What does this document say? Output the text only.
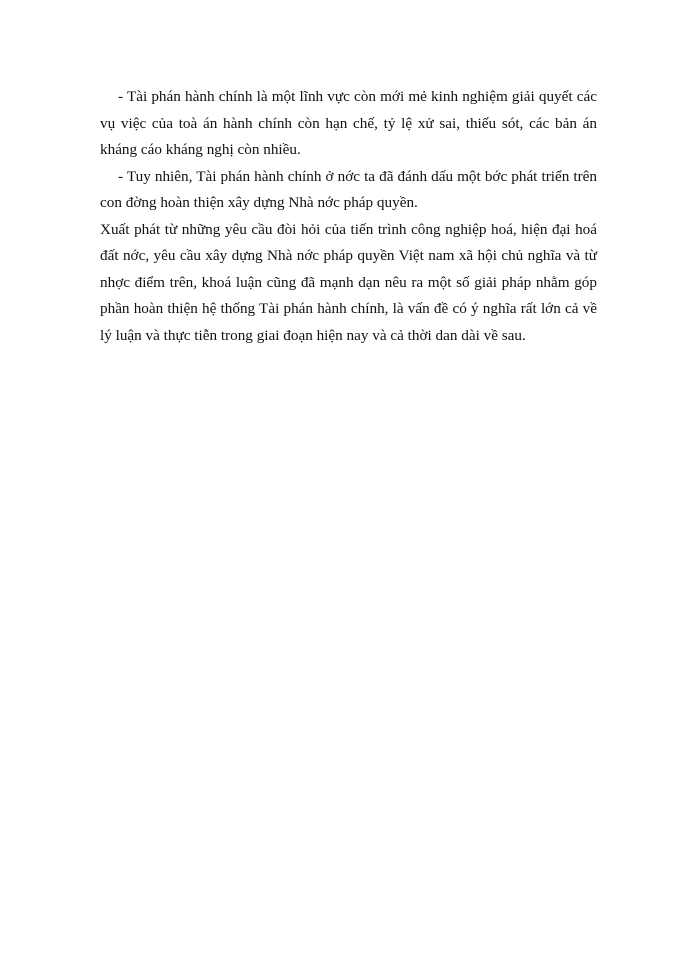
- Tài phán hành chính là một lĩnh vực còn mới mẻ kinh nghiệm giải quyết các vụ việc của toà án hành chính còn hạn chế, tỷ lệ xử sai, thiếu sót, các bản án kháng cáo kháng nghị còn nhiều.

- Tuy nhiên, Tài phán hành chính ở nớc ta đã đánh dấu một bớc phát triển trên con đờng hoàn thiện xây dựng Nhà nớc pháp quyền.

Xuất phát từ những yêu cầu đòi hỏi của tiến trình công nghiệp hoá, hiện đại hoá đất nớc, yêu cầu xây dựng Nhà nớc pháp quyền Việt nam xã hội chủ nghĩa và từ nhợc điểm trên, khoá luận cũng đã mạnh dạn nêu ra một số giải pháp nhằm góp phần hoàn thiện hệ thống Tài phán hành chính, là vấn đề có ý nghĩa rất lớn cả về lý luận và thực tiễn trong giai đoạn hiện nay và cả thời dan dài về sau.
